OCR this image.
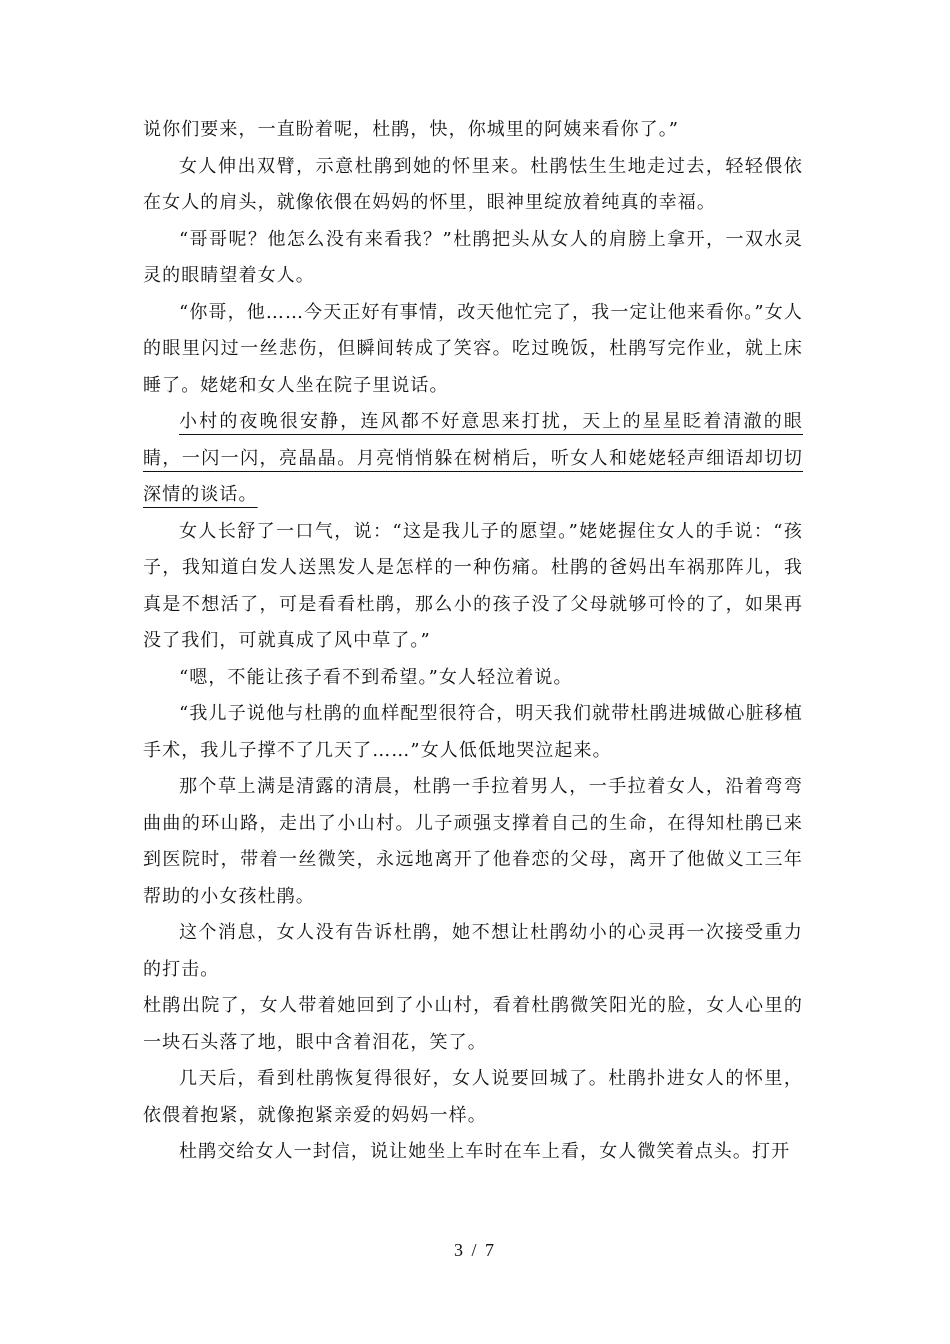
说你们要来，一直盼着呢，杜鹃，快，你城里的阿姨来看你了。”

女人伸出双臂，示意杜鹃到她的怀里来。杜鹃怯生生地走过去，轻轻偎依在女人的肩头，就像依偎在妈妈的怀里，眼神里绽放着纯真的幸福。

“哥哥呢？他怎么没有来看我？”杜鹃把头从女人的肩膀上拿开，一双水灵灵的眼睛望着女人。

“你哥，他……今天正好有事情，改天他忙完了，我一定让他来看你。”女人的眼里闪过一丝悲伤，但瞬间转成了笑容。吃过晚饭，杜鹃写完作业，就上床睡了。姥姥和女人坐在院子里说话。

小村的夜晚很安静，连风都不好意思来打扰，天上的星星眨着清澈的眼睛，一闪一闪，亮晶晶。月亮悄悄躲在树梢后，听女人和姥姥轻声细语却切切深情的谈话。

女人长舒了一口气，说：“这是我儿子的愿望。”姥姥握住女人的手说：“孩子，我知道白发人送黑发人是怎样的一种伤痛。杜鹃的爸妈出车祸那阵儿，我真是不想活了，可是看看杜鹃，那么小的孩子没了父母就够可怜的了，如果再没了我们，可就真成了风中草了。”

“嗯，不能让孩子看不到希望。”女人轻泣着说。

“我儿子说他与杜鹃的血样配型很符合，明天我们就带杜鹃进城做心脏移植手术，我儿子撑不了几天了……”女人低低地哭泣起来。

那个草上满是清露的清晨，杜鹃一手拉着男人，一手拉着女人，沿着弯弯曲曲的环山路，走出了小山村。儿子顽强支撑着自己的生命，在得知杜鹃已来到医院时，带着一丝微笑，永远地离开了他眷恋的父母，离开了他做义工三年帮助的小女孩杜鹃。

这个消息，女人没有告诉杜鹃，她不想让杜鹃幼小的心灵再一次接受重力的打击。

杜鹃出院了，女人带着她回到了小山村，看着杜鹃微笑阳光的脸，女人心里的一块石头落了地，眼中含着泪花，笑了。

几天后，看到杜鹃恢复得很好，女人说要回城了。杜鹃扑进女人的怀里，依偎着抱紧，就像抱紧亲爱的妈妈一样。

杜鹃交给女人一封信，说让她坐上车时在车上看，女人微笑着点头。打开

3 / 7
